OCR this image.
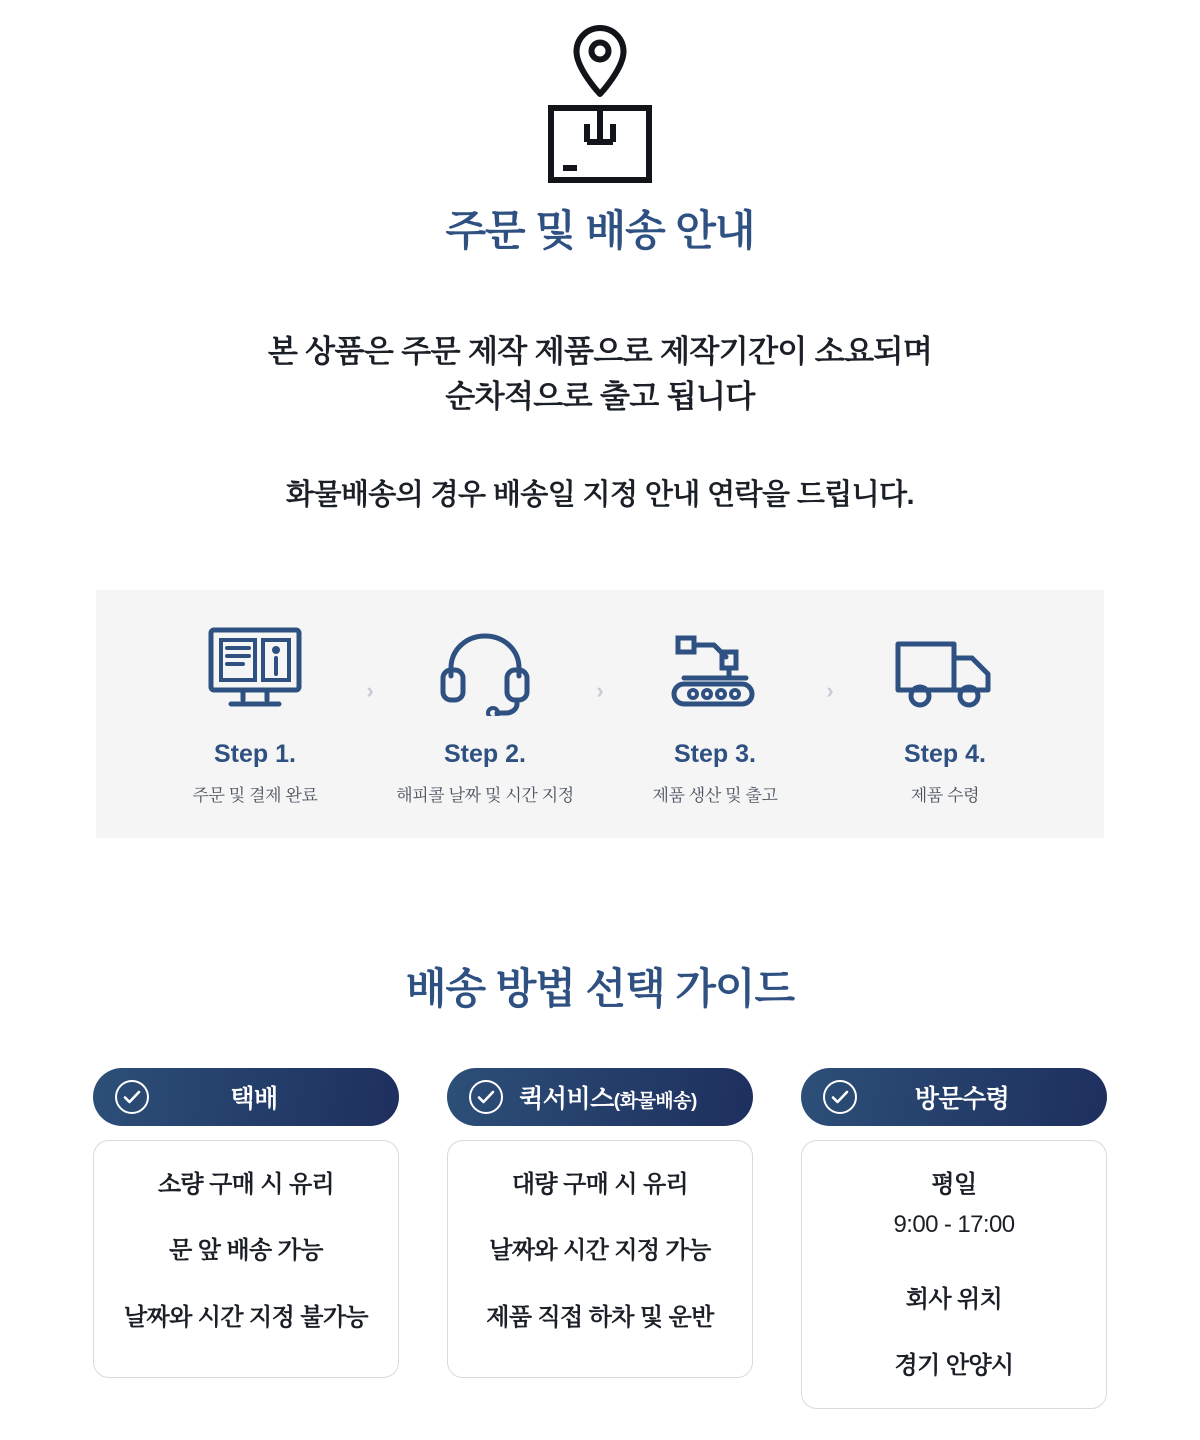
주문 및 배송 안내

본 상품은 주문 제작 제품으로 제작기간이 소요되며
순차적으로 출고 됩니다

화물배송의 경우 배송일 지정 안내 연락을 드립니다.

Step 1.
주문 및 결제 완료
›
Step 2.
해피콜 날짜 및 시간 지정
›
Step 3.
제품 생산 및 출고
›
Step 4.
제품 수령
배송 방법 선택 가이드
택배

소량 구매 시 유리

문 앞 배송 가능

날짜와 시간 지정 불가능

퀵서비스(화물배송)

대량 구매 시 유리

날짜와 시간 지정 가능

제품 직접 하차 및 운반

방문수령

평일

9:00 - 17:00

회사 위치

경기 안양시
